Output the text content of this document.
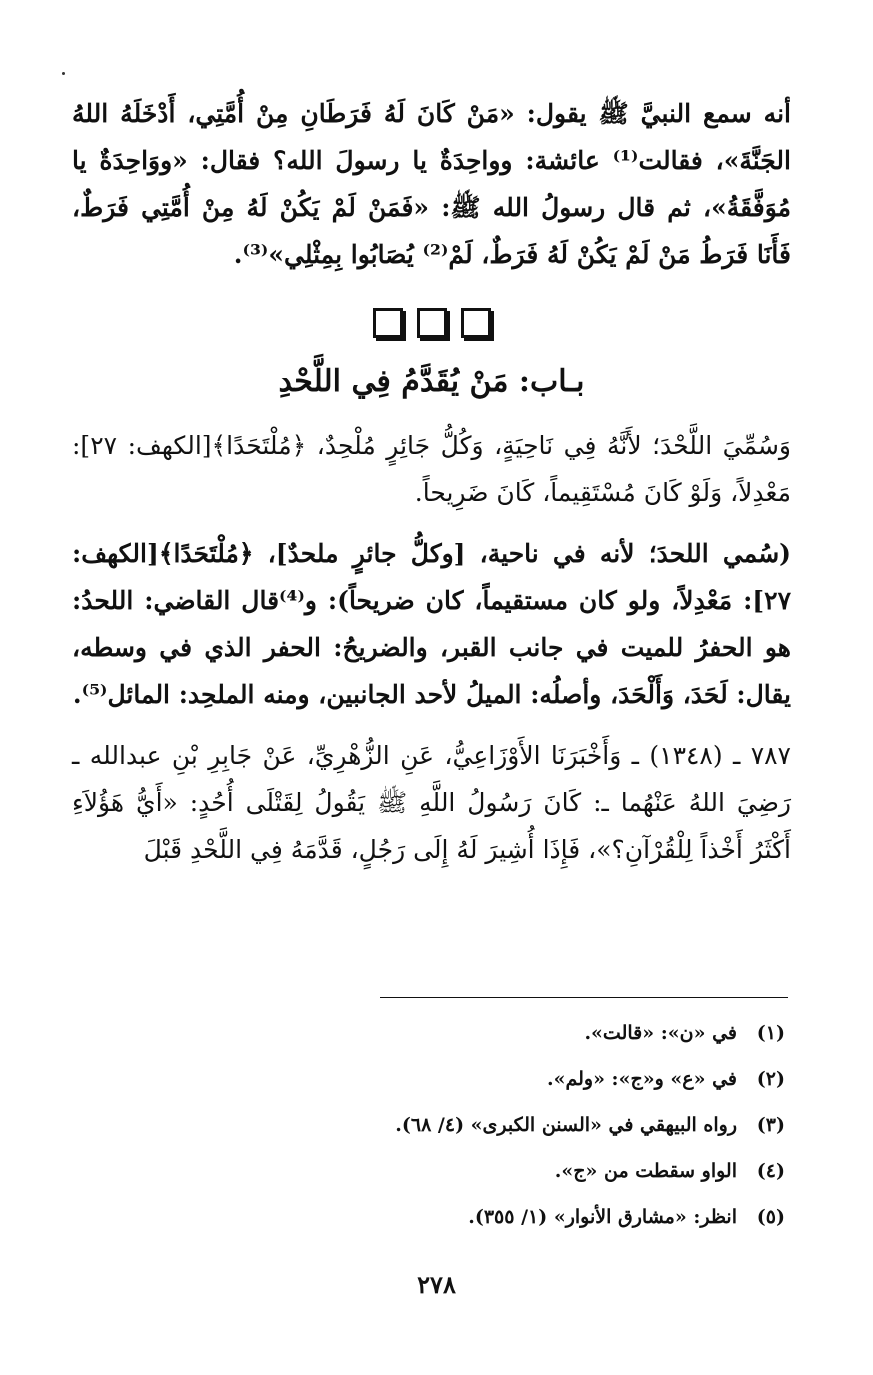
أنه سمع النبيَّ ﷺ يقول: «مَنْ كَانَ لَهُ فَرَطَانِ مِنْ أُمَّتِي، أَدْخَلَهُ اللهُ الجَنَّةَ»، فقالت⁽¹⁾ عائشة: وواحِدَةٌ يا رسولَ الله؟ فقال: «ووَاحِدَةٌ يا مُوَفَّقَةُ»، ثم قال رسولُ الله ﷺ: «فَمَنْ لَمْ يَكُنْ لَهُ مِنْ أُمَّتِي فَرَطٌ، فَأَنَا فَرَطُ مَنْ لَمْ يَكُنْ لَهُ فَرَطٌ، لَمْ⁽²⁾ يُصَابُوا بِمِثْلِي»⁽³⁾.

بـاب: مَنْ يُقَدَّمُ فِي اللَّحْدِ

وَسُمِّيَ اللَّحْدَ؛ لأَنَّهُ فِي نَاحِيَةٍ، وَكُلُّ جَائِرٍ مُلْحِدٌ، ﴿مُلْتَحَدًا﴾[الكهف: ٢٧]: مَعْدِلاً، وَلَوْ كَانَ مُسْتَقِيماً، كَانَ ضَرِيحاً.

(سُمي اللحدَ؛ لأنه في ناحية، [وكلُّ جائرٍ ملحدٌ]، ﴿مُلْتَحَدًا﴾[الكهف: ٢٧]: مَعْدِلاً، ولو كان مستقيماً، كان ضريحاً): و⁽⁴⁾قال القاضي: اللحدُ: هو الحفرُ للميت في جانب القبر، والضريحُ: الحفر الذي في وسطه، يقال: لَحَدَ، وَأَلْحَدَ، وأصلُه: الميلُ لأحد الجانبين، ومنه الملحِد: المائل⁽⁵⁾.

٧٨٧ ـ (١٣٤٨) ـ وَأَخْبَرَنَا الأَوْزَاعِيُّ، عَنِ الزُّهْرِيِّ، عَنْ جَابِرِ بْنِ عبدالله ـ رَضِيَ اللهُ عَنْهُما ـ: كَانَ رَسُولُ اللَّهِ ﷺ يَقُولُ لِقَتْلَى أُحُدٍ: «أَيُّ هَؤُلاَءِ أَكْثَرُ أَخْذاً لِلْقُرْآنِ؟»، فَإِذَا أُشِيرَ لَهُ إِلَى رَجُلٍ، قَدَّمَهُ فِي اللَّحْدِ قَبْلَ

(١)في «ن»: «قالت».
(٢)في «ع» و«ج»: «ولم».
(٣)رواه البيهقي في «السنن الكبرى» (٤/ ٦٨).
(٤)الواو سقطت من «ج».
(٥)انظر: «مشارق الأنوار» (١/ ٣٥٥).
٢٧٨
